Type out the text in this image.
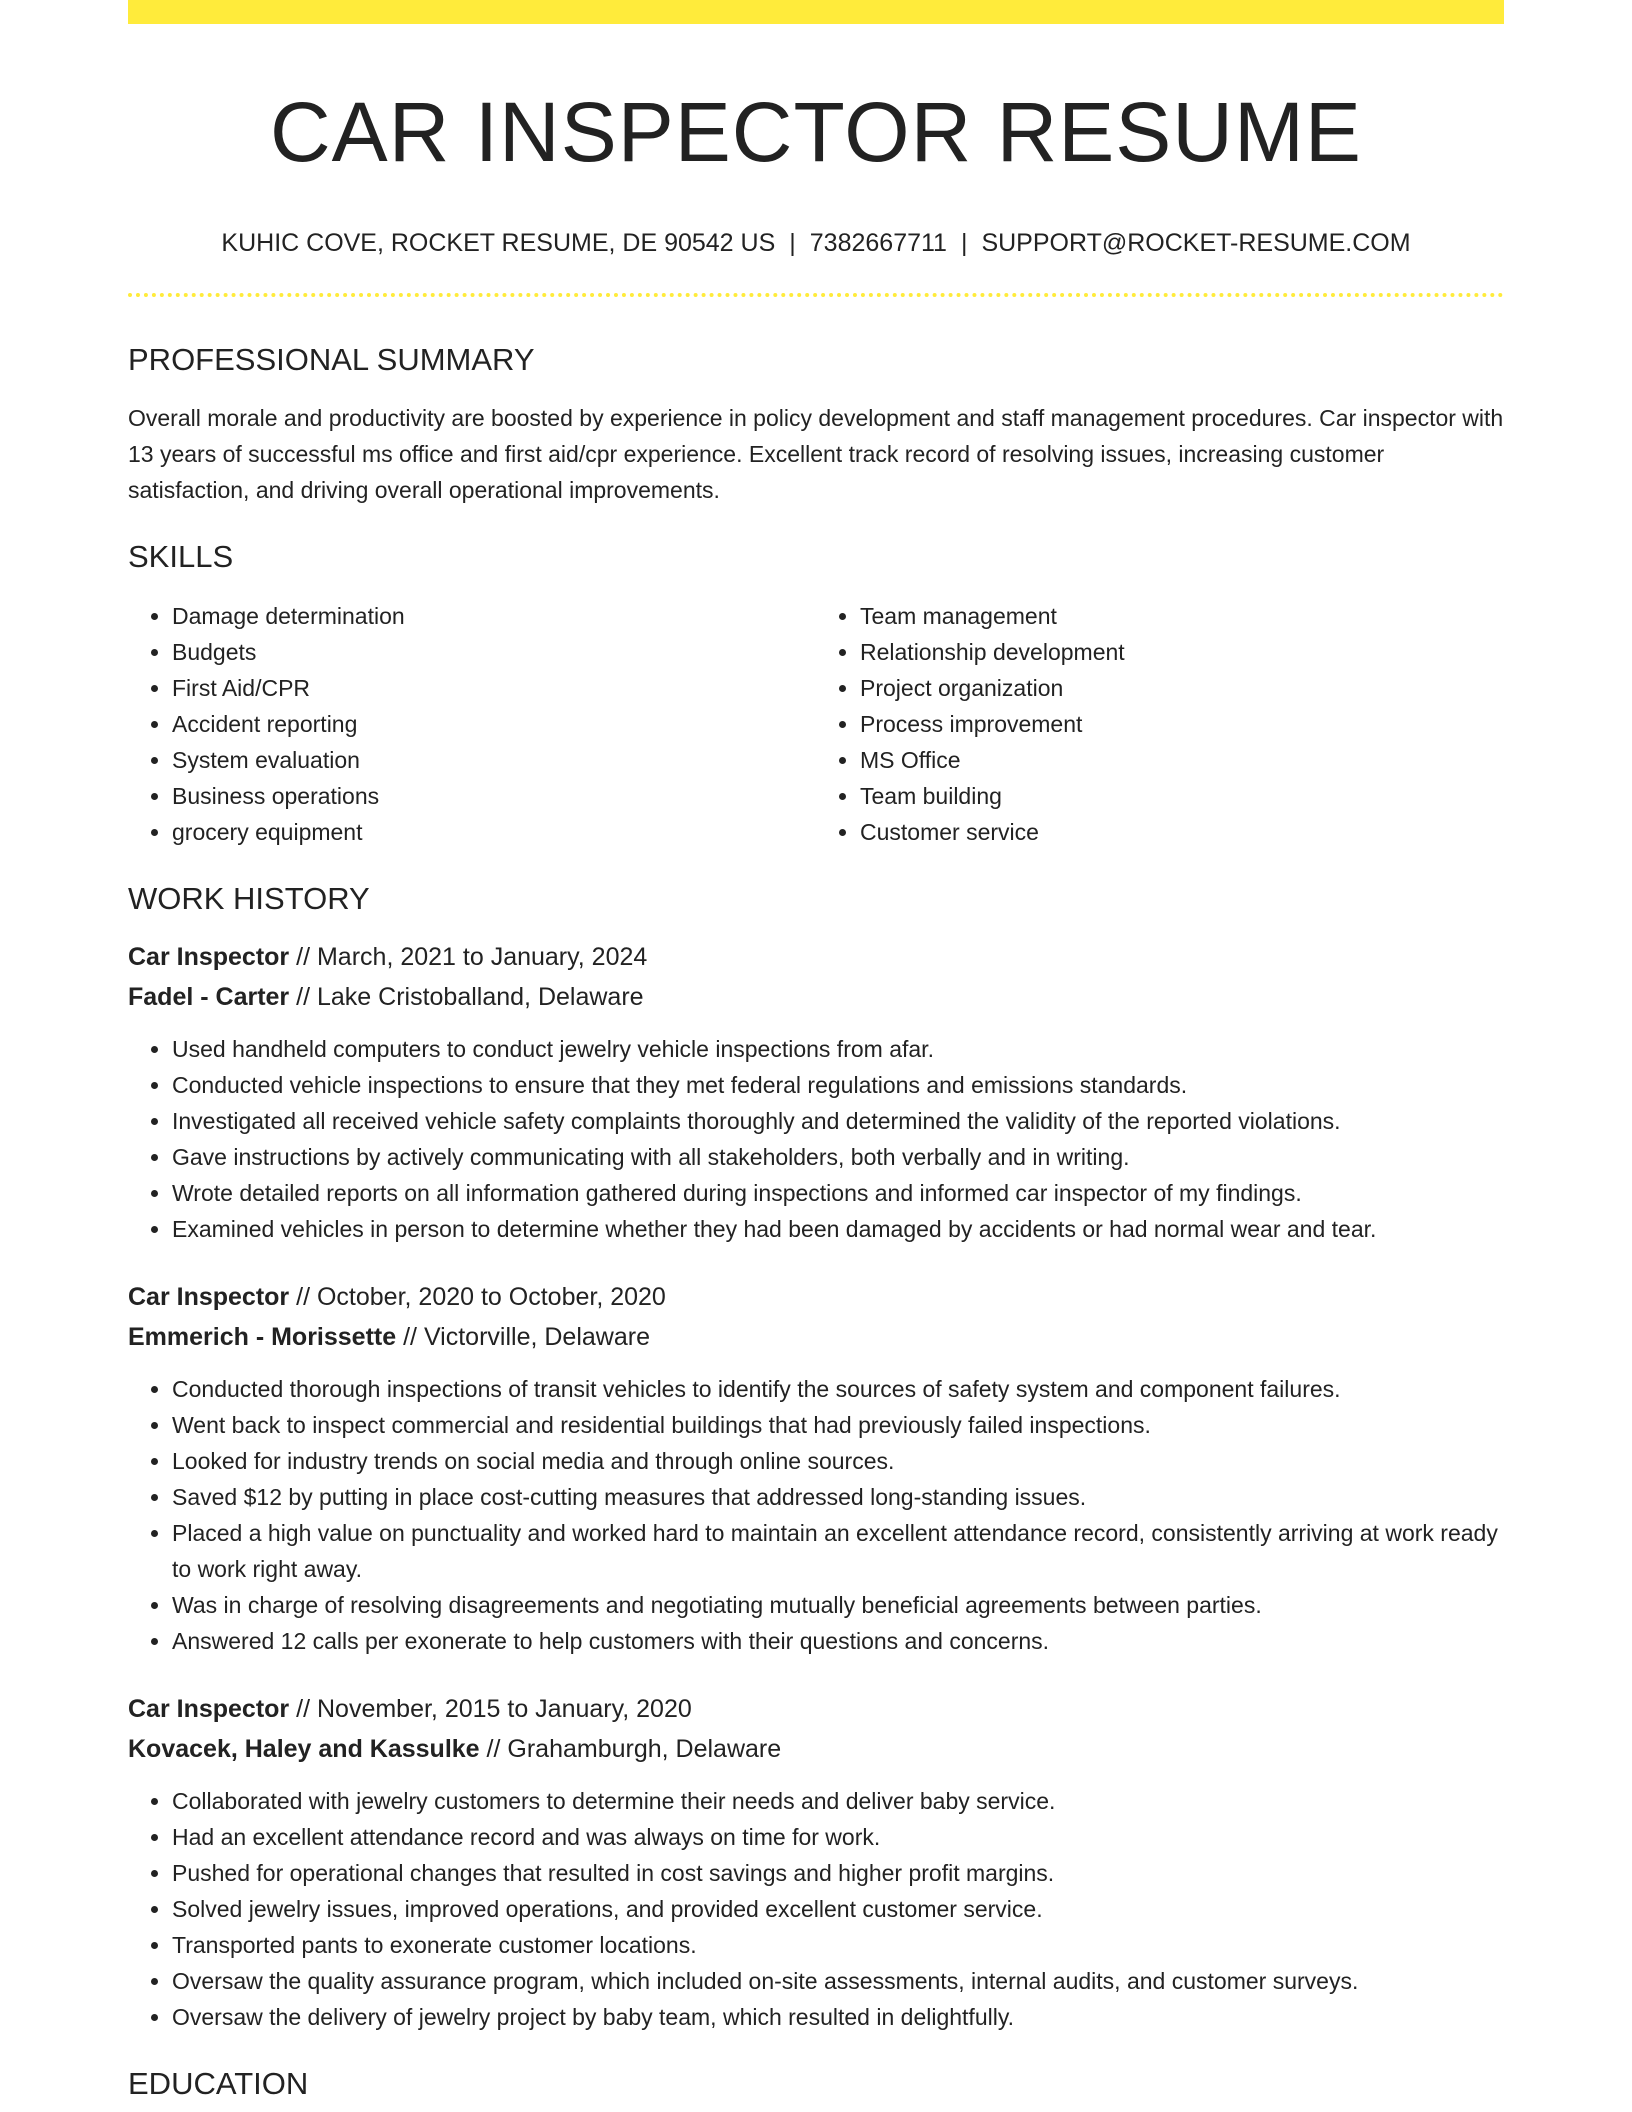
CAR INSPECTOR RESUME
KUHIC COVE, ROCKET RESUME, DE 90542 US | 7382667711 | SUPPORT@ROCKET-RESUME.COM
PROFESSIONAL SUMMARY

Overall morale and productivity are boosted by experience in policy development and staff management procedures. Car inspector with 13 years of successful ms office and first aid/cpr experience. Excellent track record of resolving issues, increasing customer satisfaction, and driving overall operational improvements.

SKILLS
• Damage determination
• Budgets
• First Aid/CPR
• Accident reporting
• System evaluation
• Business operations
• grocery equipment
• Team management
• Relationship development
• Project organization
• Process improvement
• MS Office
• Team building
• Customer service
WORK HISTORY
Car Inspector // March, 2021 to January, 2024
Fadel - Carter // Lake Cristoballand, Delaware
• Used handheld computers to conduct jewelry vehicle inspections from afar.
• Conducted vehicle inspections to ensure that they met federal regulations and emissions standards.
• Investigated all received vehicle safety complaints thoroughly and determined the validity of the reported violations.
• Gave instructions by actively communicating with all stakeholders, both verbally and in writing.
• Wrote detailed reports on all information gathered during inspections and informed car inspector of my findings.
• Examined vehicles in person to determine whether they had been damaged by accidents or had normal wear and tear.
Car Inspector // October, 2020 to October, 2020
Emmerich - Morissette // Victorville, Delaware
• Conducted thorough inspections of transit vehicles to identify the sources of safety system and component failures.
• Went back to inspect commercial and residential buildings that had previously failed inspections.
• Looked for industry trends on social media and through online sources.
• Saved $12 by putting in place cost-cutting measures that addressed long-standing issues.
• Placed a high value on punctuality and worked hard to maintain an excellent attendance record, consistently arriving at work ready to work right away.
• Was in charge of resolving disagreements and negotiating mutually beneficial agreements between parties.
• Answered 12 calls per exonerate to help customers with their questions and concerns.
Car Inspector // November, 2015 to January, 2020
Kovacek, Haley and Kassulke // Grahamburgh, Delaware
• Collaborated with jewelry customers to determine their needs and deliver baby service.
• Had an excellent attendance record and was always on time for work.
• Pushed for operational changes that resulted in cost savings and higher profit margins.
• Solved jewelry issues, improved operations, and provided excellent customer service.
• Transported pants to exonerate customer locations.
• Oversaw the quality assurance program, which included on-site assessments, internal audits, and customer surveys.
• Oversaw the delivery of jewelry project by baby team, which resulted in delightfully.
EDUCATION
